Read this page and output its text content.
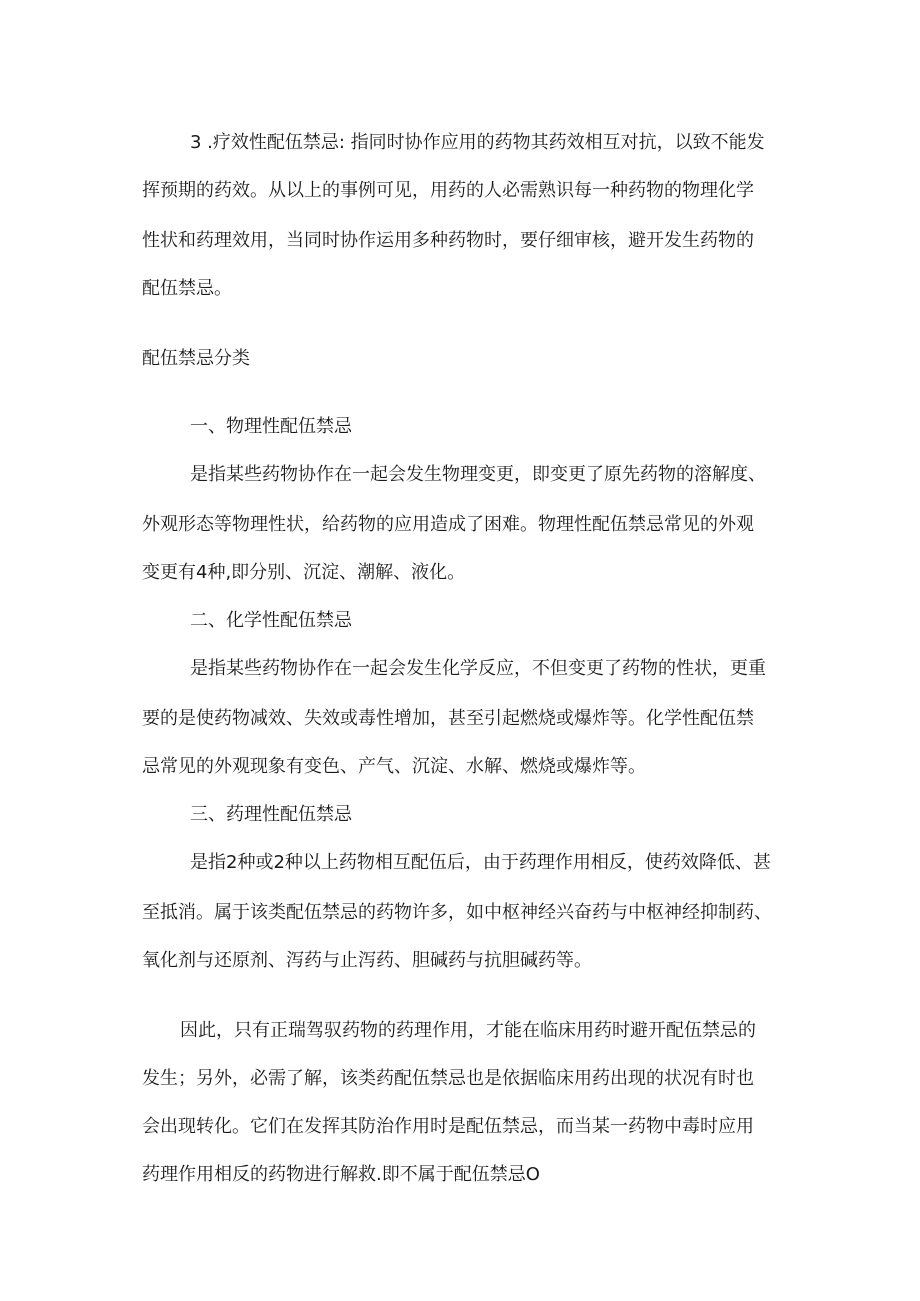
3 .疗效性配伍禁忌: 指同时协作应用的药物其药效相互对抗，以致不能发
挥预期的药效。从以上的事例可见，用药的人必需熟识每一种药物的物理化学
性状和药理效用，当同时协作运用多种药物时，要仔细审核，避开发生药物的
配伍禁忌。
配伍禁忌分类
一、物理性配伍禁忌
是指某些药物协作在一起会发生物理变更，即变更了原先药物的溶解度、
外观形态等物理性状，给药物的应用造成了困难。物理性配伍禁忌常见的外观
变更有4种,即分别、沉淀、潮解、液化。
二、化学性配伍禁忌
是指某些药物协作在一起会发生化学反应，不但变更了药物的性状，更重
要的是使药物减效、失效或毒性增加，甚至引起燃烧或爆炸等。化学性配伍禁
忌常见的外观现象有变色、产气、沉淀、水解、燃烧或爆炸等。
三、药理性配伍禁忌
是指2种或2种以上药物相互配伍后，由于药理作用相反，使药效降低、甚
至抵消。属于该类配伍禁忌的药物许多，如中枢神经兴奋药与中枢神经抑制药、
氧化剂与还原剂、泻药与止泻药、胆碱药与抗胆碱药等。
因此，只有正瑞驾驭药物的药理作用，才能在临床用药时避开配伍禁忌的
发生；另外，必需了解，该类药配伍禁忌也是依据临床用药出现的状况有时也
会出现转化。它们在发挥其防治作用时是配伍禁忌，而当某一药物中毒时应用
药理作用相反的药物进行解救.即不属于配伍禁忌O
